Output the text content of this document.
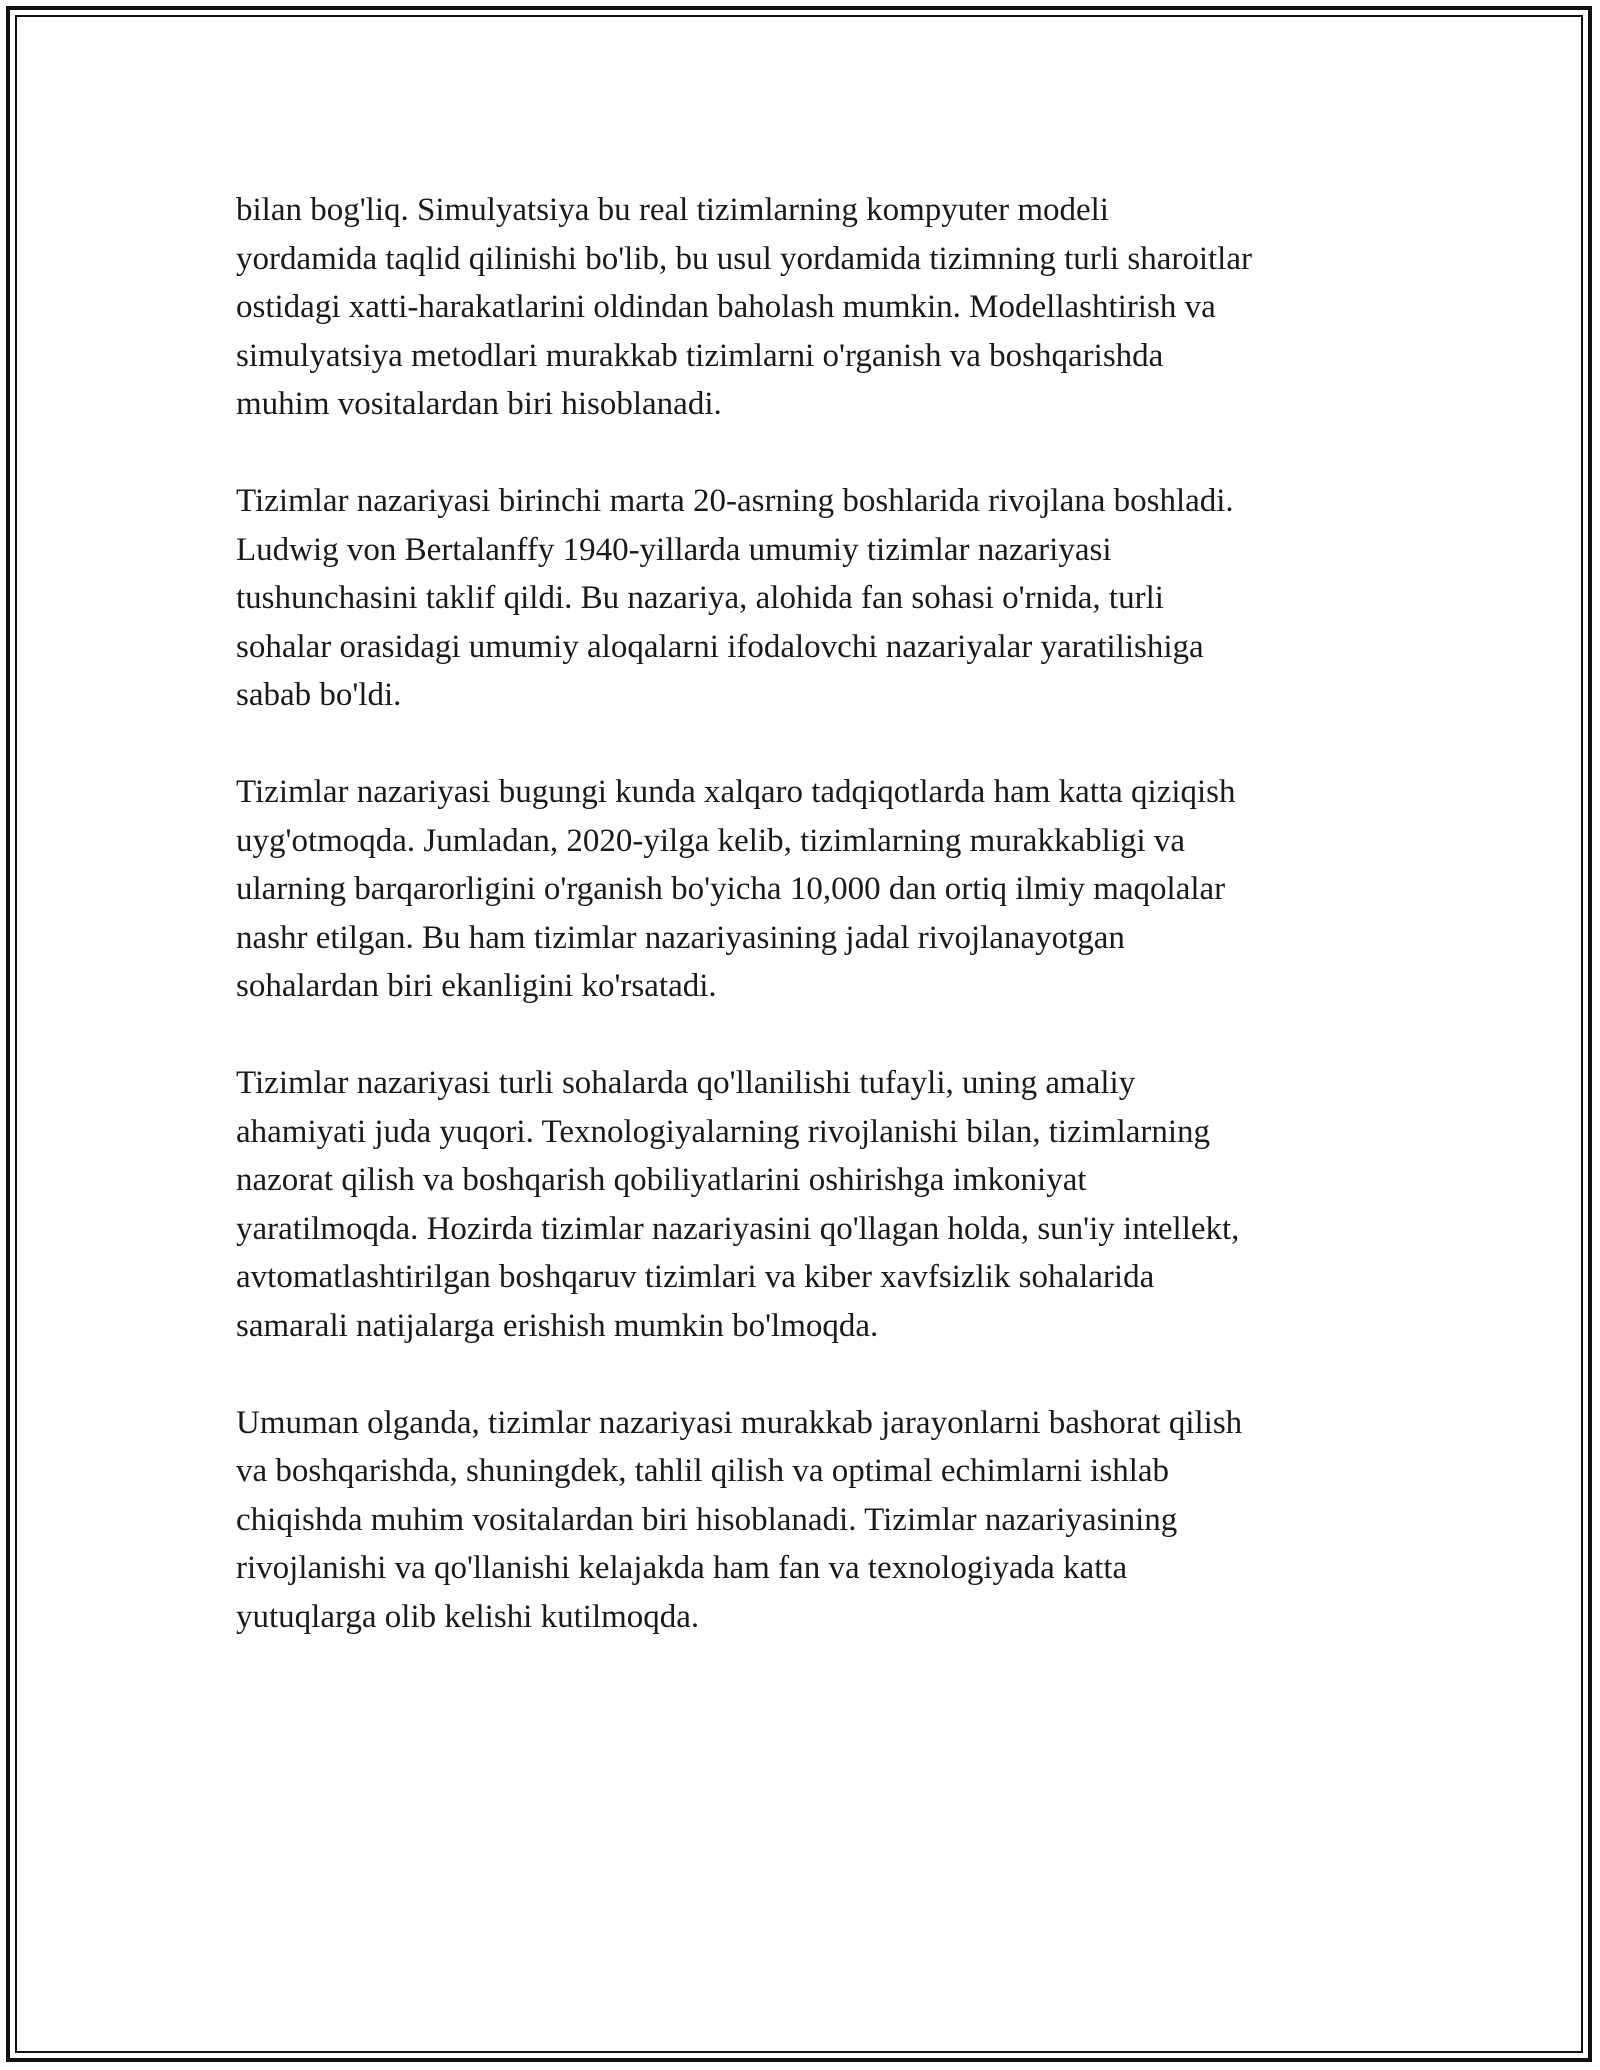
bilan bog'liq. Simulyatsiya bu real tizimlarning kompyuter modeli
yordamida taqlid qilinishi bo'lib, bu usul yordamida tizimning turli sharoitlar
ostidagi xatti-harakatlarini oldindan baholash mumkin. Modellashtirish va
simulyatsiya metodlari murakkab tizimlarni o'rganish va boshqarishda
muhim vositalardan biri hisoblanadi.

Tizimlar nazariyasi birinchi marta 20-asrning boshlarida rivojlana boshladi.
Ludwig von Bertalanffy 1940-yillarda umumiy tizimlar nazariyasi
tushunchasini taklif qildi. Bu nazariya, alohida fan sohasi o'rnida, turli
sohalar orasidagi umumiy aloqalarni ifodalovchi nazariyalar yaratilishiga
sabab bo'ldi.

Tizimlar nazariyasi bugungi kunda xalqaro tadqiqotlarda ham katta qiziqish
uyg'otmoqda. Jumladan, 2020-yilga kelib, tizimlarning murakkabligi va
ularning barqarorligini o'rganish bo'yicha 10,000 dan ortiq ilmiy maqolalar
nashr etilgan. Bu ham tizimlar nazariyasining jadal rivojlanayotgan
sohalardan biri ekanligini ko'rsatadi.

Tizimlar nazariyasi turli sohalarda qo'llanilishi tufayli, uning amaliy
ahamiyati juda yuqori. Texnologiyalarning rivojlanishi bilan, tizimlarning
nazorat qilish va boshqarish qobiliyatlarini oshirishga imkoniyat
yaratilmoqda. Hozirda tizimlar nazariyasini qo'llagan holda, sun'iy intellekt,
avtomatlashtirilgan boshqaruv tizimlari va kiber xavfsizlik sohalarida
samarali natijalarga erishish mumkin bo'lmoqda.

Umuman olganda, tizimlar nazariyasi murakkab jarayonlarni bashorat qilish
va boshqarishda, shuningdek, tahlil qilish va optimal echimlarni ishlab
chiqishda muhim vositalardan biri hisoblanadi. Tizimlar nazariyasining
rivojlanishi va qo'llanishi kelajakda ham fan va texnologiyada katta
yutuqlarga olib kelishi kutilmoqda.
